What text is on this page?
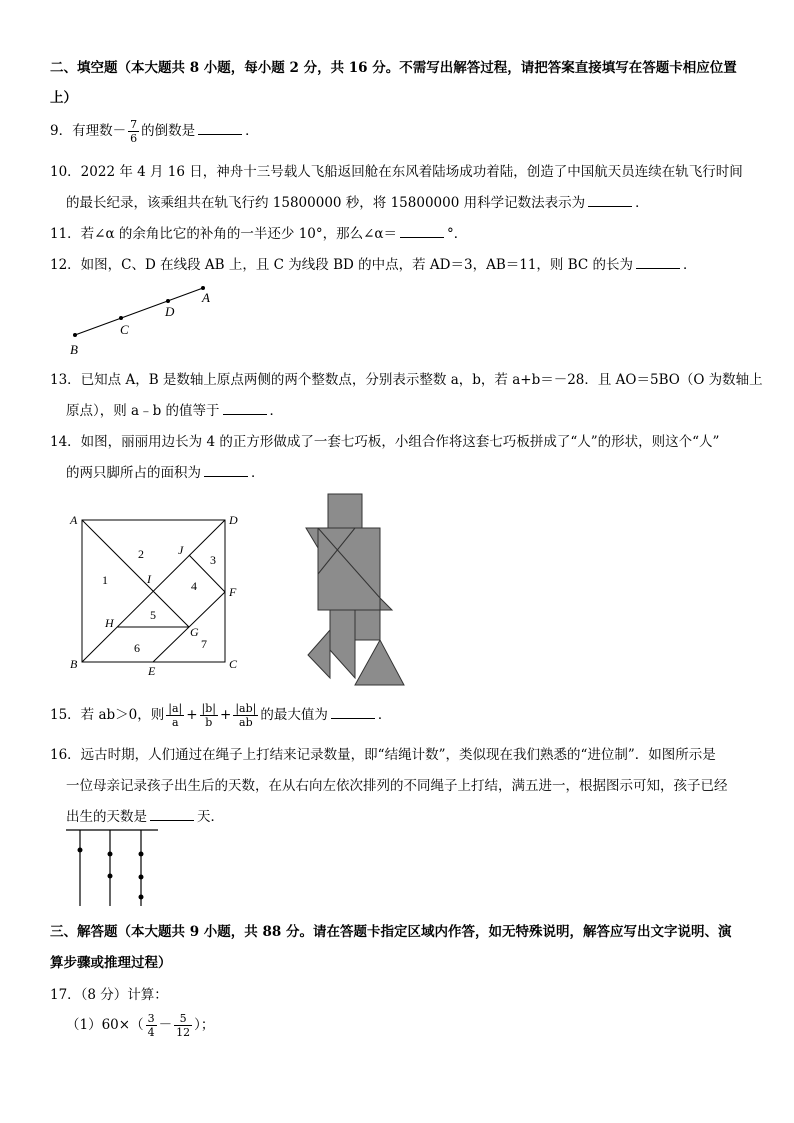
二、填空题（本大题共 8 小题，每小题 2 分，共 16 分。不需写出解答过程，请把答案直接填写在答题卡相应位置
上）
9．有理数－ $\frac{7}{6}$ 的倒数是	．
10．2022 年 4 月 16 日，神舟十三号载人飞船返回舱在东风着陆场成功着陆，创造了中国航天员连续在轨飞行时间
的最长纪录，该乘组共在轨飞行约 15800000 秒，将 15800000 用科学记数法表示为	．
11．若∠α 的余角比它的补角的一半还少 10°，那么∠α＝	°．
12．如图，C、D 在线段 AB 上，且 C 为线段 BD 的中点，若 AD＝3，AB＝11，则 BC 的长为	．
B
C
D
A
13．已知点 A，B 是数轴上原点两侧的两个整数点，分别表示整数 a，b，若 a+b＝－28．且 AO＝5BO（O 为数轴上
原点），则 a﹣b 的值等于	．
14．如图，丽丽用边长为 4 的正方形做成了一套七巧板，小组合作将这套七巧板拼成了“人”的形状，则这个“人”
的两只脚所占的面积为	．
A	D
B	C
E
F
G
H
I
J
1
2	3
4
5
6	7
15．若 ab＞0，则 $\frac{|a|}{a} + \frac{|b|}{b} + \frac{|ab|}{ab}$ 的最大值为	．
16．远古时期，人们通过在绳子上打结来记录数量，即“结绳计数”，类似现在我们熟悉的“进位制”．如图所示是
一位母亲记录孩子出生后的天数，在从右向左依次排列的不同绳子上打结，满五进一，根据图示可知，孩子已经
出生的天数是	天．
三、解答题（本大题共 9 小题，共 88 分。请在答题卡指定区域内作答，如无特殊说明，解答应写出文字说明、演
算步骤或推理过程）
17．（8 分）计算：
$(1)60\times( \frac{3}{4} - \frac{5}{12}$ ）；
